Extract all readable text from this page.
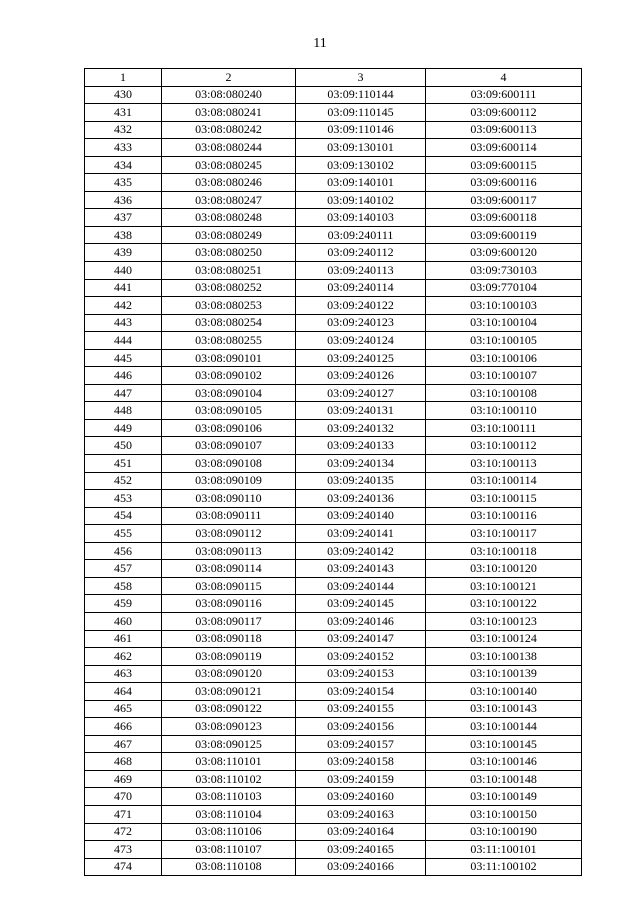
11
1	2	3	4
430	03:08:080240	03:09:110144	03:09:600111
431	03:08:080241	03:09:110145	03:09:600112
432	03:08:080242	03:09:110146	03:09:600113
433	03:08:080244	03:09:130101	03:09:600114
434	03:08:080245	03:09:130102	03:09:600115
435	03:08:080246	03:09:140101	03:09:600116
436	03:08:080247	03:09:140102	03:09:600117
437	03:08:080248	03:09:140103	03:09:600118
438	03:08:080249	03:09:240111	03:09:600119
439	03:08:080250	03:09:240112	03:09:600120
440	03:08:080251	03:09:240113	03:09:730103
441	03:08:080252	03:09:240114	03:09:770104
442	03:08:080253	03:09:240122	03:10:100103
443	03:08:080254	03:09:240123	03:10:100104
444	03:08:080255	03:09:240124	03:10:100105
445	03:08:090101	03:09:240125	03:10:100106
446	03:08:090102	03:09:240126	03:10:100107
447	03:08:090104	03:09:240127	03:10:100108
448	03:08:090105	03:09:240131	03:10:100110
449	03:08:090106	03:09:240132	03:10:100111
450	03:08:090107	03:09:240133	03:10:100112
451	03:08:090108	03:09:240134	03:10:100113
452	03:08:090109	03:09:240135	03:10:100114
453	03:08:090110	03:09:240136	03:10:100115
454	03:08:090111	03:09:240140	03:10:100116
455	03:08:090112	03:09:240141	03:10:100117
456	03:08:090113	03:09:240142	03:10:100118
457	03:08:090114	03:09:240143	03:10:100120
458	03:08:090115	03:09:240144	03:10:100121
459	03:08:090116	03:09:240145	03:10:100122
460	03:08:090117	03:09:240146	03:10:100123
461	03:08:090118	03:09:240147	03:10:100124
462	03:08:090119	03:09:240152	03:10:100138
463	03:08:090120	03:09:240153	03:10:100139
464	03:08:090121	03:09:240154	03:10:100140
465	03:08:090122	03:09:240155	03:10:100143
466	03:08:090123	03:09:240156	03:10:100144
467	03:08:090125	03:09:240157	03:10:100145
468	03:08:110101	03:09:240158	03:10:100146
469	03:08:110102	03:09:240159	03:10:100148
470	03:08:110103	03:09:240160	03:10:100149
471	03:08:110104	03:09:240163	03:10:100150
472	03:08:110106	03:09:240164	03:10:100190
473	03:08:110107	03:09:240165	03:11:100101
474	03:08:110108	03:09:240166	03:11:100102
